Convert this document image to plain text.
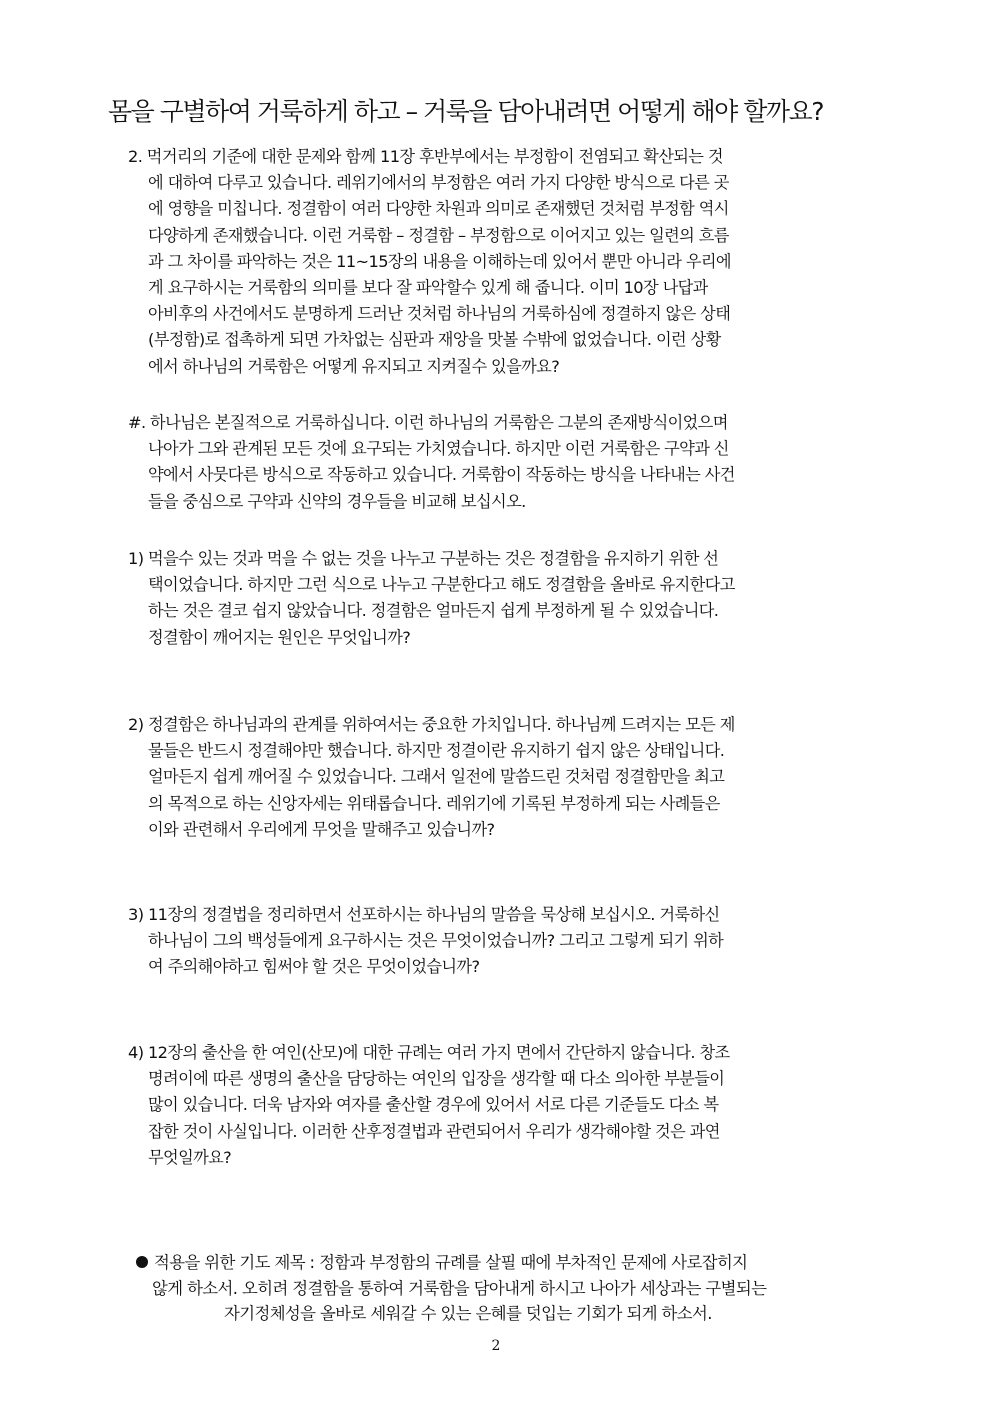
몸을 구별하여 거룩하게 하고 – 거룩을 담아내려면 어떻게 해야 할까요?
2. 먹거리의 기준에 대한 문제와 함께 11장 후반부에서는 부정함이 전염되고 확산되는 것
에 대하여 다루고 있습니다. 레위기에서의 부정함은 여러 가지 다양한 방식으로 다른 곳
에 영향을 미칩니다. 정결함이 여러 다양한 차원과 의미로 존재했던 것처럼 부정함 역시
다양하게 존재했습니다. 이런 거룩함 – 정결함 – 부정함으로 이어지고 있는 일련의 흐름
과 그 차이를 파악하는 것은 11~15장의 내용을 이해하는데 있어서 뿐만 아니라 우리에
게 요구하시는 거룩함의 의미를 보다 잘 파악할수 있게 해 줍니다. 이미 10장 나답과
아비후의 사건에서도 분명하게 드러난 것처럼 하나님의 거룩하심에 정결하지 않은 상태
(부정함)로 접촉하게 되면 가차없는 심판과 재앙을 맛볼 수밖에 없었습니다. 이런 상황
에서 하나님의 거룩함은 어떻게 유지되고 지켜질수 있을까요?
#. 하나님은 본질적으로 거룩하십니다. 이런 하나님의 거룩함은 그분의 존재방식이었으며
나아가 그와 관계된 모든 것에 요구되는 가치였습니다. 하지만 이런 거룩함은 구약과 신
약에서 사뭇다른 방식으로 작동하고 있습니다. 거룩함이 작동하는 방식을 나타내는 사건
들을 중심으로 구약과 신약의 경우들을 비교해 보십시오.
1) 먹을수 있는 것과 먹을 수 없는 것을 나누고 구분하는 것은 정결함을 유지하기 위한 선
택이었습니다. 하지만 그런 식으로 나누고 구분한다고 해도 정결함을 올바로 유지한다고
하는 것은 결코 쉽지 않았습니다. 정결함은 얼마든지 쉽게 부정하게 될 수 있었습니다.
정결함이 깨어지는 원인은 무엇입니까?
2) 정결함은 하나님과의 관계를 위하여서는 중요한 가치입니다. 하나님께 드려지는 모든 제
물들은 반드시 정결해야만 했습니다. 하지만 정결이란 유지하기 쉽지 않은 상태입니다.
얼마든지 쉽게 깨어질 수 있었습니다. 그래서 일전에 말씀드린 것처럼 정결함만을 최고
의 목적으로 하는 신앙자세는 위태롭습니다. 레위기에 기록된 부정하게 되는 사례들은
이와 관련해서 우리에게 무엇을 말해주고 있습니까?
3) 11장의 정결법을 정리하면서 선포하시는 하나님의 말씀을 묵상해 보십시오. 거룩하신
하나님이 그의 백성들에게 요구하시는 것은 무엇이었습니까? 그리고 그렇게 되기 위하
여 주의해야하고 힘써야 할 것은 무엇이었습니까?
4) 12장의 출산을 한 여인(산모)에 대한 규례는 여러 가지 면에서 간단하지 않습니다. 창조
명려이에 따른 생명의 출산을 담당하는 여인의 입장을 생각할 때 다소 의아한 부분들이
많이 있습니다. 더욱 남자와 여자를 출산할 경우에 있어서 서로 다른 기준들도 다소 복
잡한 것이 사실입니다. 이러한 산후정결법과 관련되어서 우리가 생각해야할 것은 과연
무엇일까요?
적용을 위한 기도 제목 : 정함과 부정함의 규례를 살필 때에 부차적인 문제에 사로잡히지
않게 하소서. 오히려 정결함을 통하여 거룩함을 담아내게 하시고 나아가 세상과는 구별되는
자기정체성을 올바로 세워갈 수 있는 은혜를 덧입는 기회가 되게 하소서.
2
